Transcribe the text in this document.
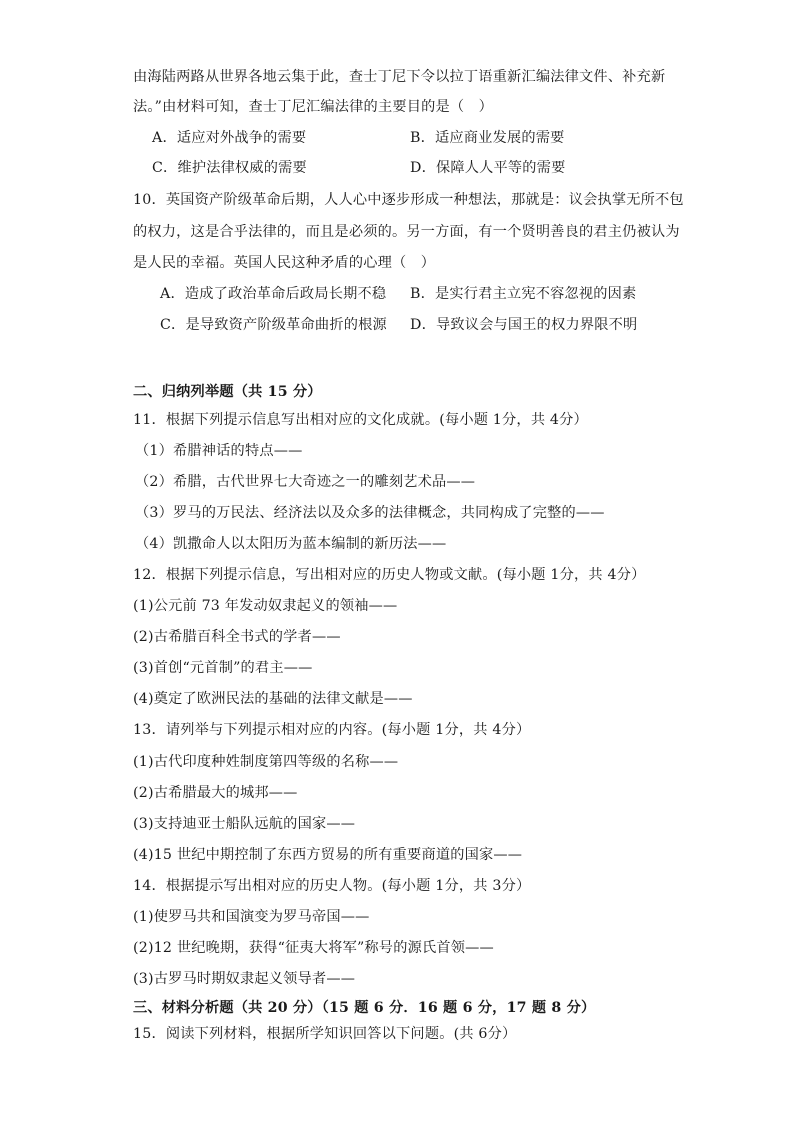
由海陆两路从世界各地云集于此，查士丁尼下令以拉丁语重新汇编法律文件、补充新
法。”由材料可知，查士丁尼汇编法律的主要目的是（　）
A．适应对外战争的需要	B．适应商业发展的需要
C．维护法律权威的需要	D．保障人人平等的需要
10．英国资产阶级革命后期，人人心中逐步形成一种想法，那就是：议会执掌无所不包
的权力，这是合乎法律的，而且是必须的。另一方面，有一个贤明善良的君主仍被认为
是人民的幸福。英国人民这种矛盾的心理（　）
A．造成了政治革命后政局长期不稳 B．是实行君主立宪不容忽视的因素
C．是导致资产阶级革命曲折的根源 D．导致议会与国王的权力界限不明
二、归纳列举题（共 15 分）
11．根据下列提示信息写出相对应的文化成就。(每小题 1分，共 4分）
（1）希腊神话的特点——
（2）希腊，古代世界七大奇迹之一的雕刻艺术品——
（3）罗马的万民法、经济法以及众多的法律概念，共同构成了完整的——
（4）凯撒命人以太阳历为蓝本编制的新历法——
12．根据下列提示信息，写出相对应的历史人物或文献。(每小题 1分，共 4分）
(1)公元前 73 年发动奴隶起义的领袖——
(2)古希腊百科全书式的学者——
(3)首创“元首制”的君主——
(4)奠定了欧洲民法的基础的法律文献是——
13．请列举与下列提示相对应的内容。(每小题 1分，共 4分）
(1)古代印度种姓制度第四等级的名称——
(2)古希腊最大的城邦——
(3)支持迪亚士船队远航的国家——
(4)15 世纪中期控制了东西方贸易的所有重要商道的国家——
14．根据提示写出相对应的历史人物。(每小题 1分，共 3分）
(1)使罗马共和国演变为罗马帝国——
(2)12 世纪晚期，获得“征夷大将军”称号的源氏首领——
(3)古罗马时期奴隶起义领导者——
三、材料分析题（共 20 分）（15 题 6 分．16 题 6 分，17 题 8 分）
15．阅读下列材料，根据所学知识回答以下问题。(共 6分）
